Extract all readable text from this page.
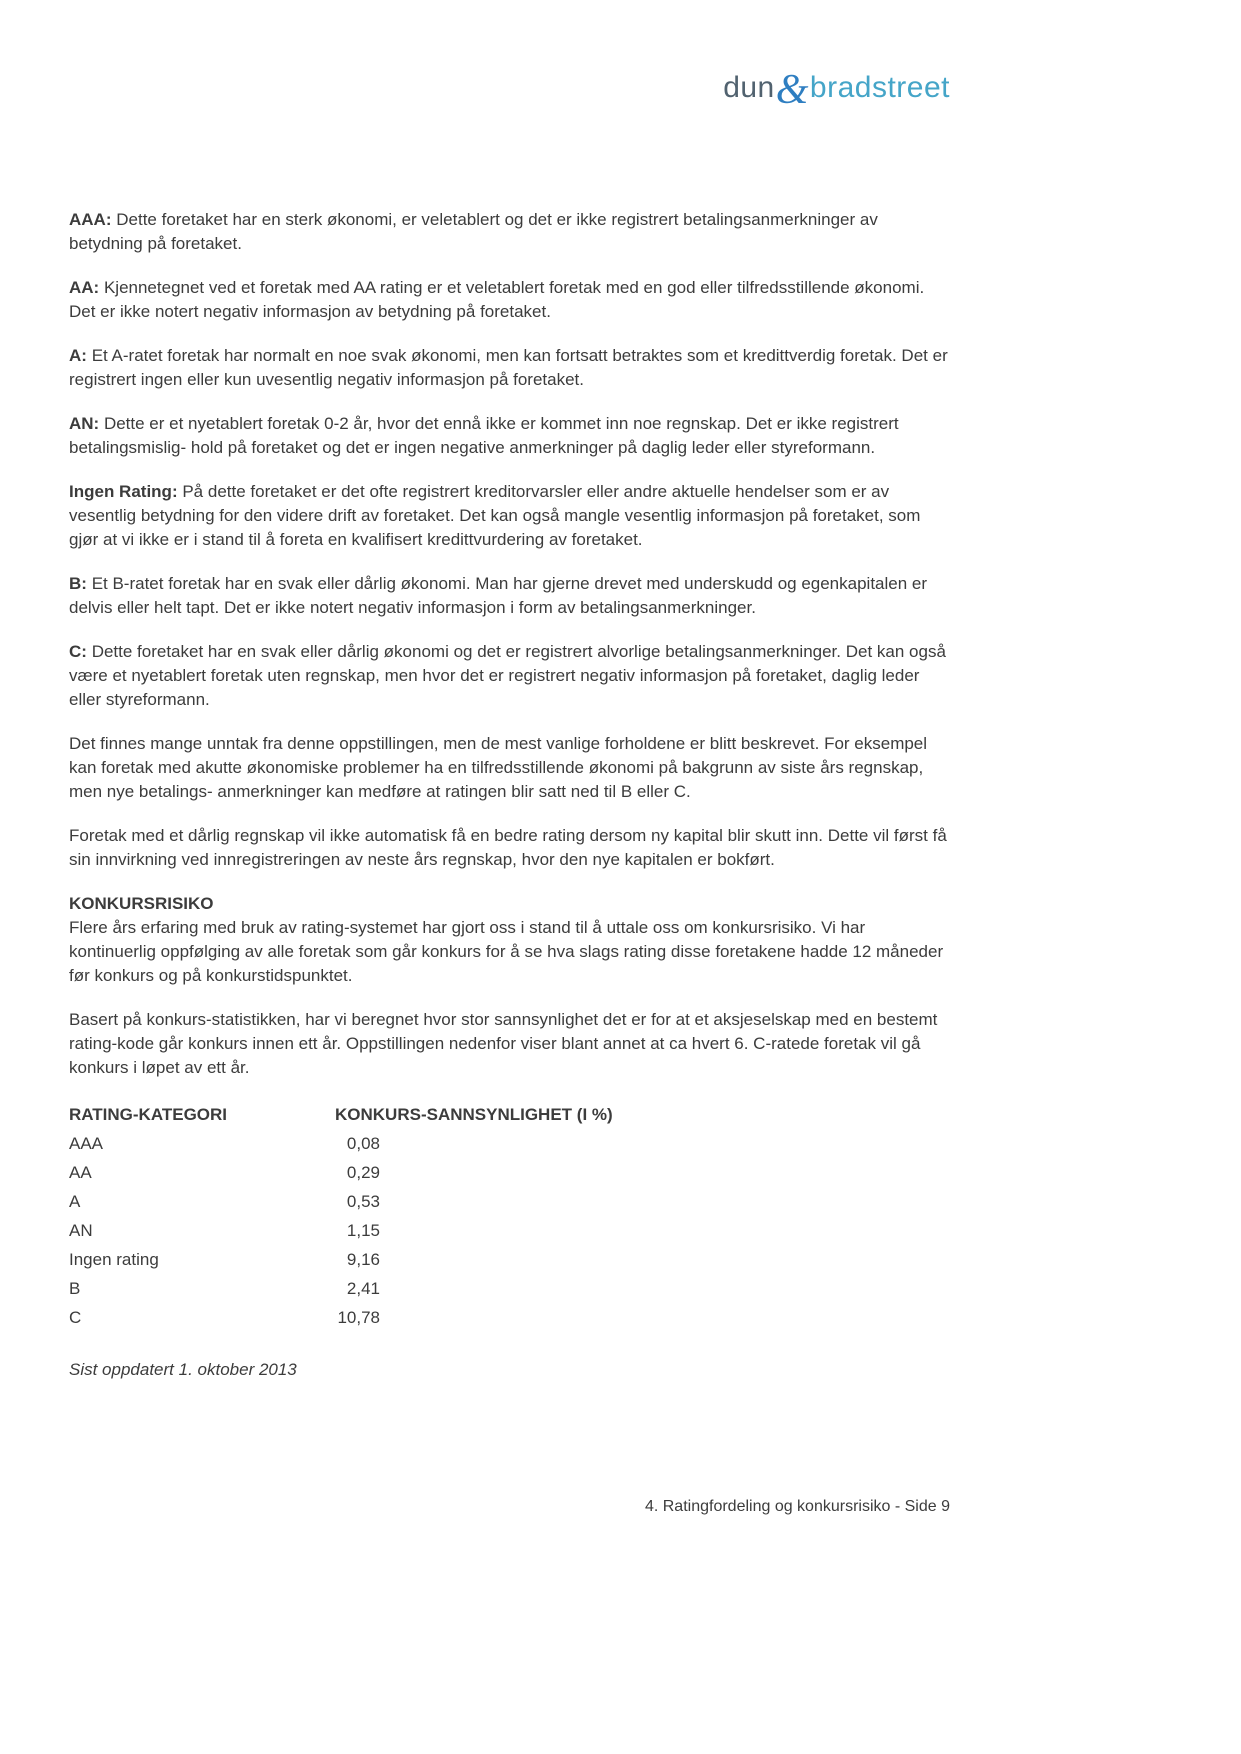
dun&bradstreet

AAA: Dette foretaket har en sterk økonomi, er veletablert og det er ikke registrert betalingsanmerkninger av betydning på foretaket.

AA: Kjennetegnet ved et foretak med AA rating er et veletablert foretak med en god eller tilfredsstillende økonomi. Det er ikke notert negativ informasjon av betydning på foretaket.

A: Et A-ratet foretak har normalt en noe svak økonomi, men kan fortsatt betraktes som et kredittverdig foretak. Det er registrert ingen eller kun uvesentlig negativ informasjon på foretaket.

AN: Dette er et nyetablert foretak 0-2 år, hvor det ennå ikke er kommet inn noe regnskap. Det er ikke registrert betalingsmislig- hold på foretaket og det er ingen negative anmerkninger på daglig leder eller styreformann.

Ingen Rating: På dette foretaket er det ofte registrert kreditorvarsler eller andre aktuelle hendelser som er av vesentlig betydning for den videre drift av foretaket. Det kan også mangle vesentlig informasjon på foretaket, som gjør at vi ikke er i stand til å foreta en kvalifisert kredittvurdering av foretaket.

B: Et B-ratet foretak har en svak eller dårlig økonomi. Man har gjerne drevet med underskudd og egenkapitalen er delvis eller helt tapt. Det er ikke notert negativ informasjon i form av betalingsanmerkninger.

C: Dette foretaket har en svak eller dårlig økonomi og det er registrert alvorlige betalingsanmerkninger. Det kan også være et nyetablert foretak uten regnskap, men hvor det er registrert negativ informasjon på foretaket, daglig leder eller styreformann.

Det finnes mange unntak fra denne oppstillingen, men de mest vanlige forholdene er blitt beskrevet. For eksempel kan foretak med akutte økonomiske problemer ha en tilfredsstillende økonomi på bakgrunn av siste års regnskap, men nye betalings- anmerkninger kan medføre at ratingen blir satt ned til B eller C.

Foretak med et dårlig regnskap vil ikke automatisk få en bedre rating dersom ny kapital blir skutt inn. Dette vil først få sin innvirkning ved innregistreringen av neste års regnskap, hvor den nye kapitalen er bokført.

KONKURSRISIKO
Flere års erfaring med bruk av rating-systemet har gjort oss i stand til å uttale oss om konkursrisiko. Vi har kontinuerlig oppfølging av alle foretak som går konkurs for å se hva slags rating disse foretakene hadde 12 måneder før konkurs og på konkurstidspunktet.

Basert på konkurs-statistikken, har vi beregnet hvor stor sannsynlighet det er for at et aksjeselskap med en bestemt rating-kode går konkurs innen ett år. Oppstillingen nedenfor viser blant annet at ca hvert 6. C-ratede foretak vil gå konkurs i løpet av ett år.

RATING-KATEGORI	KONKURS-SANNSYNLIGHET (I %)
AAA	0,08
AA	0,29
A	0,53
AN	1,15
Ingen rating	9,16
B	2,41
C	10,78
Sist oppdatert 1. oktober 2013
4. Ratingfordeling og konkursrisiko - Side 9
